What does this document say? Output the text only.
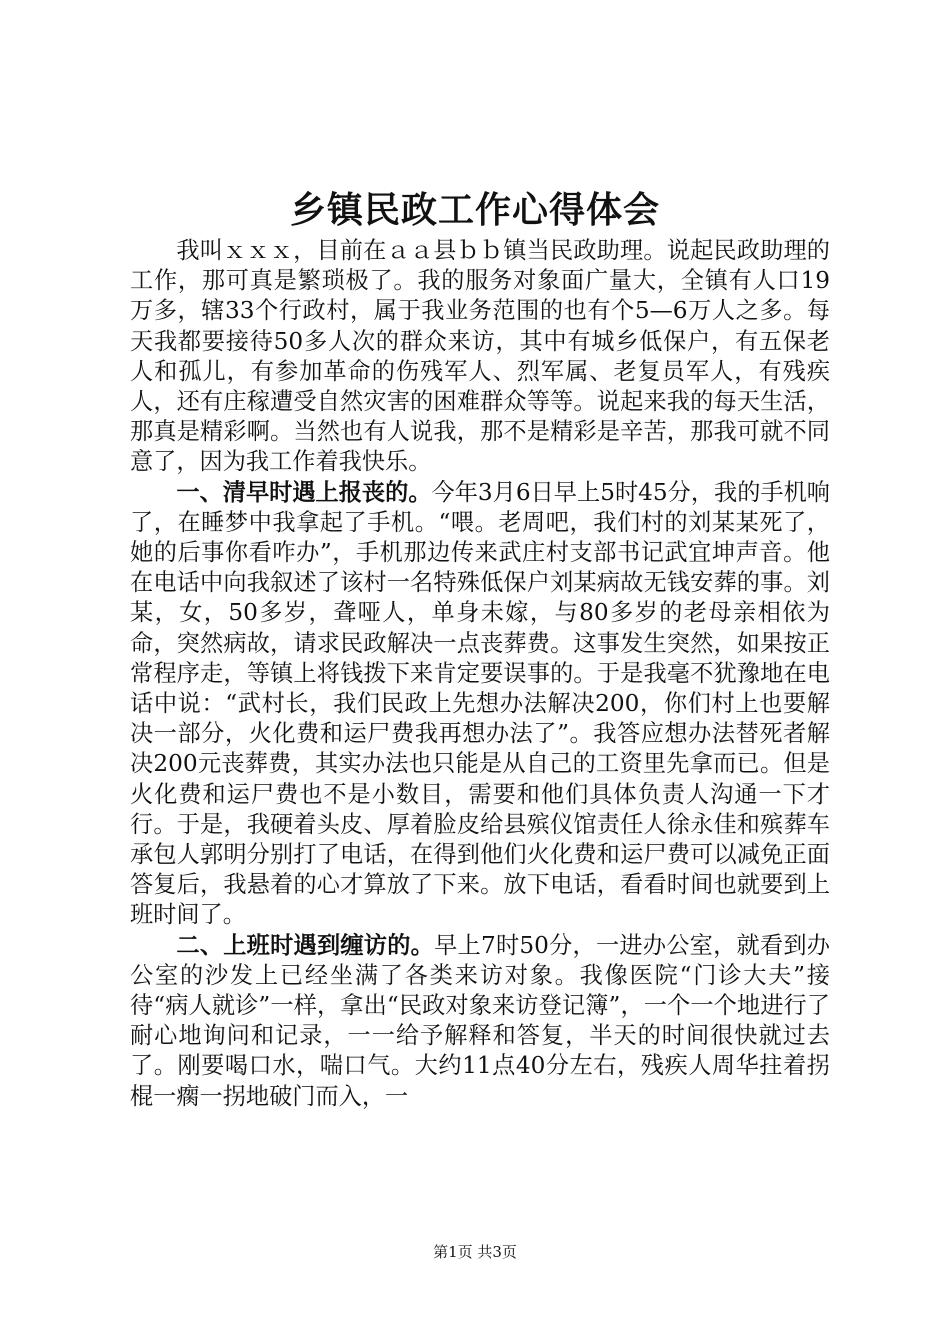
乡镇民政工作心得体会

我叫ｘｘｘ，目前在ａａ县ｂｂ镇当民政助理。说起民政助理的工作，那可真是繁琐极了。我的服务对象面广量大，全镇有人口19万多，辖33个行政村，属于我业务范围的也有个5—6万人之多。每天我都要接待50多人次的群众来访，其中有城乡低保户，有五保老人和孤儿，有参加革命的伤残军人、烈军属、老复员军人，有残疾人，还有庄稼遭受自然灾害的困难群众等等。说起来我的每天生活，那真是精彩啊。当然也有人说我，那不是精彩是辛苦，那我可就不同意了，因为我工作着我快乐。

一、清早时遇上报丧的。今年3月6日早上5时45分，我的手机响了，在睡梦中我拿起了手机。“喂。老周吧，我们村的刘某某死了，她的后事你看咋办”，手机那边传来武庄村支部书记武宜坤声音。他在电话中向我叙述了该村一名特殊低保户刘某病故无钱安葬的事。刘某，女，50多岁，聋哑人，单身未嫁，与80多岁的老母亲相依为命，突然病故，请求民政解决一点丧葬费。这事发生突然，如果按正常程序走，等镇上将钱拨下来肯定要误事的。于是我毫不犹豫地在电话中说：“武村长，我们民政上先想办法解决200，你们村上也要解决一部分，火化费和运尸费我再想办法了”。我答应想办法替死者解决200元丧葬费，其实办法也只能是从自己的工资里先拿而已。但是火化费和运尸费也不是小数目，需要和他们具体负责人沟通一下才行。于是，我硬着头皮、厚着脸皮给县殡仪馆责任人徐永佳和殡葬车承包人郭明分别打了电话，在得到他们火化费和运尸费可以减免正面答复后，我悬着的心才算放了下来。放下电话，看看时间也就要到上班时间了。

二、上班时遇到缠访的。早上7时50分，一进办公室，就看到办公室的沙发上已经坐满了各类来访对象。我像医院“门诊大夫”接待“病人就诊”一样，拿出“民政对象来访登记簿”，一个一个地进行了耐心地询问和记录，一一给予解释和答复，半天的时间很快就过去了。刚要喝口水，喘口气。大约11点40分左右，残疾人周华拄着拐棍一瘸一拐地破门而入，一

第1页 共3页
